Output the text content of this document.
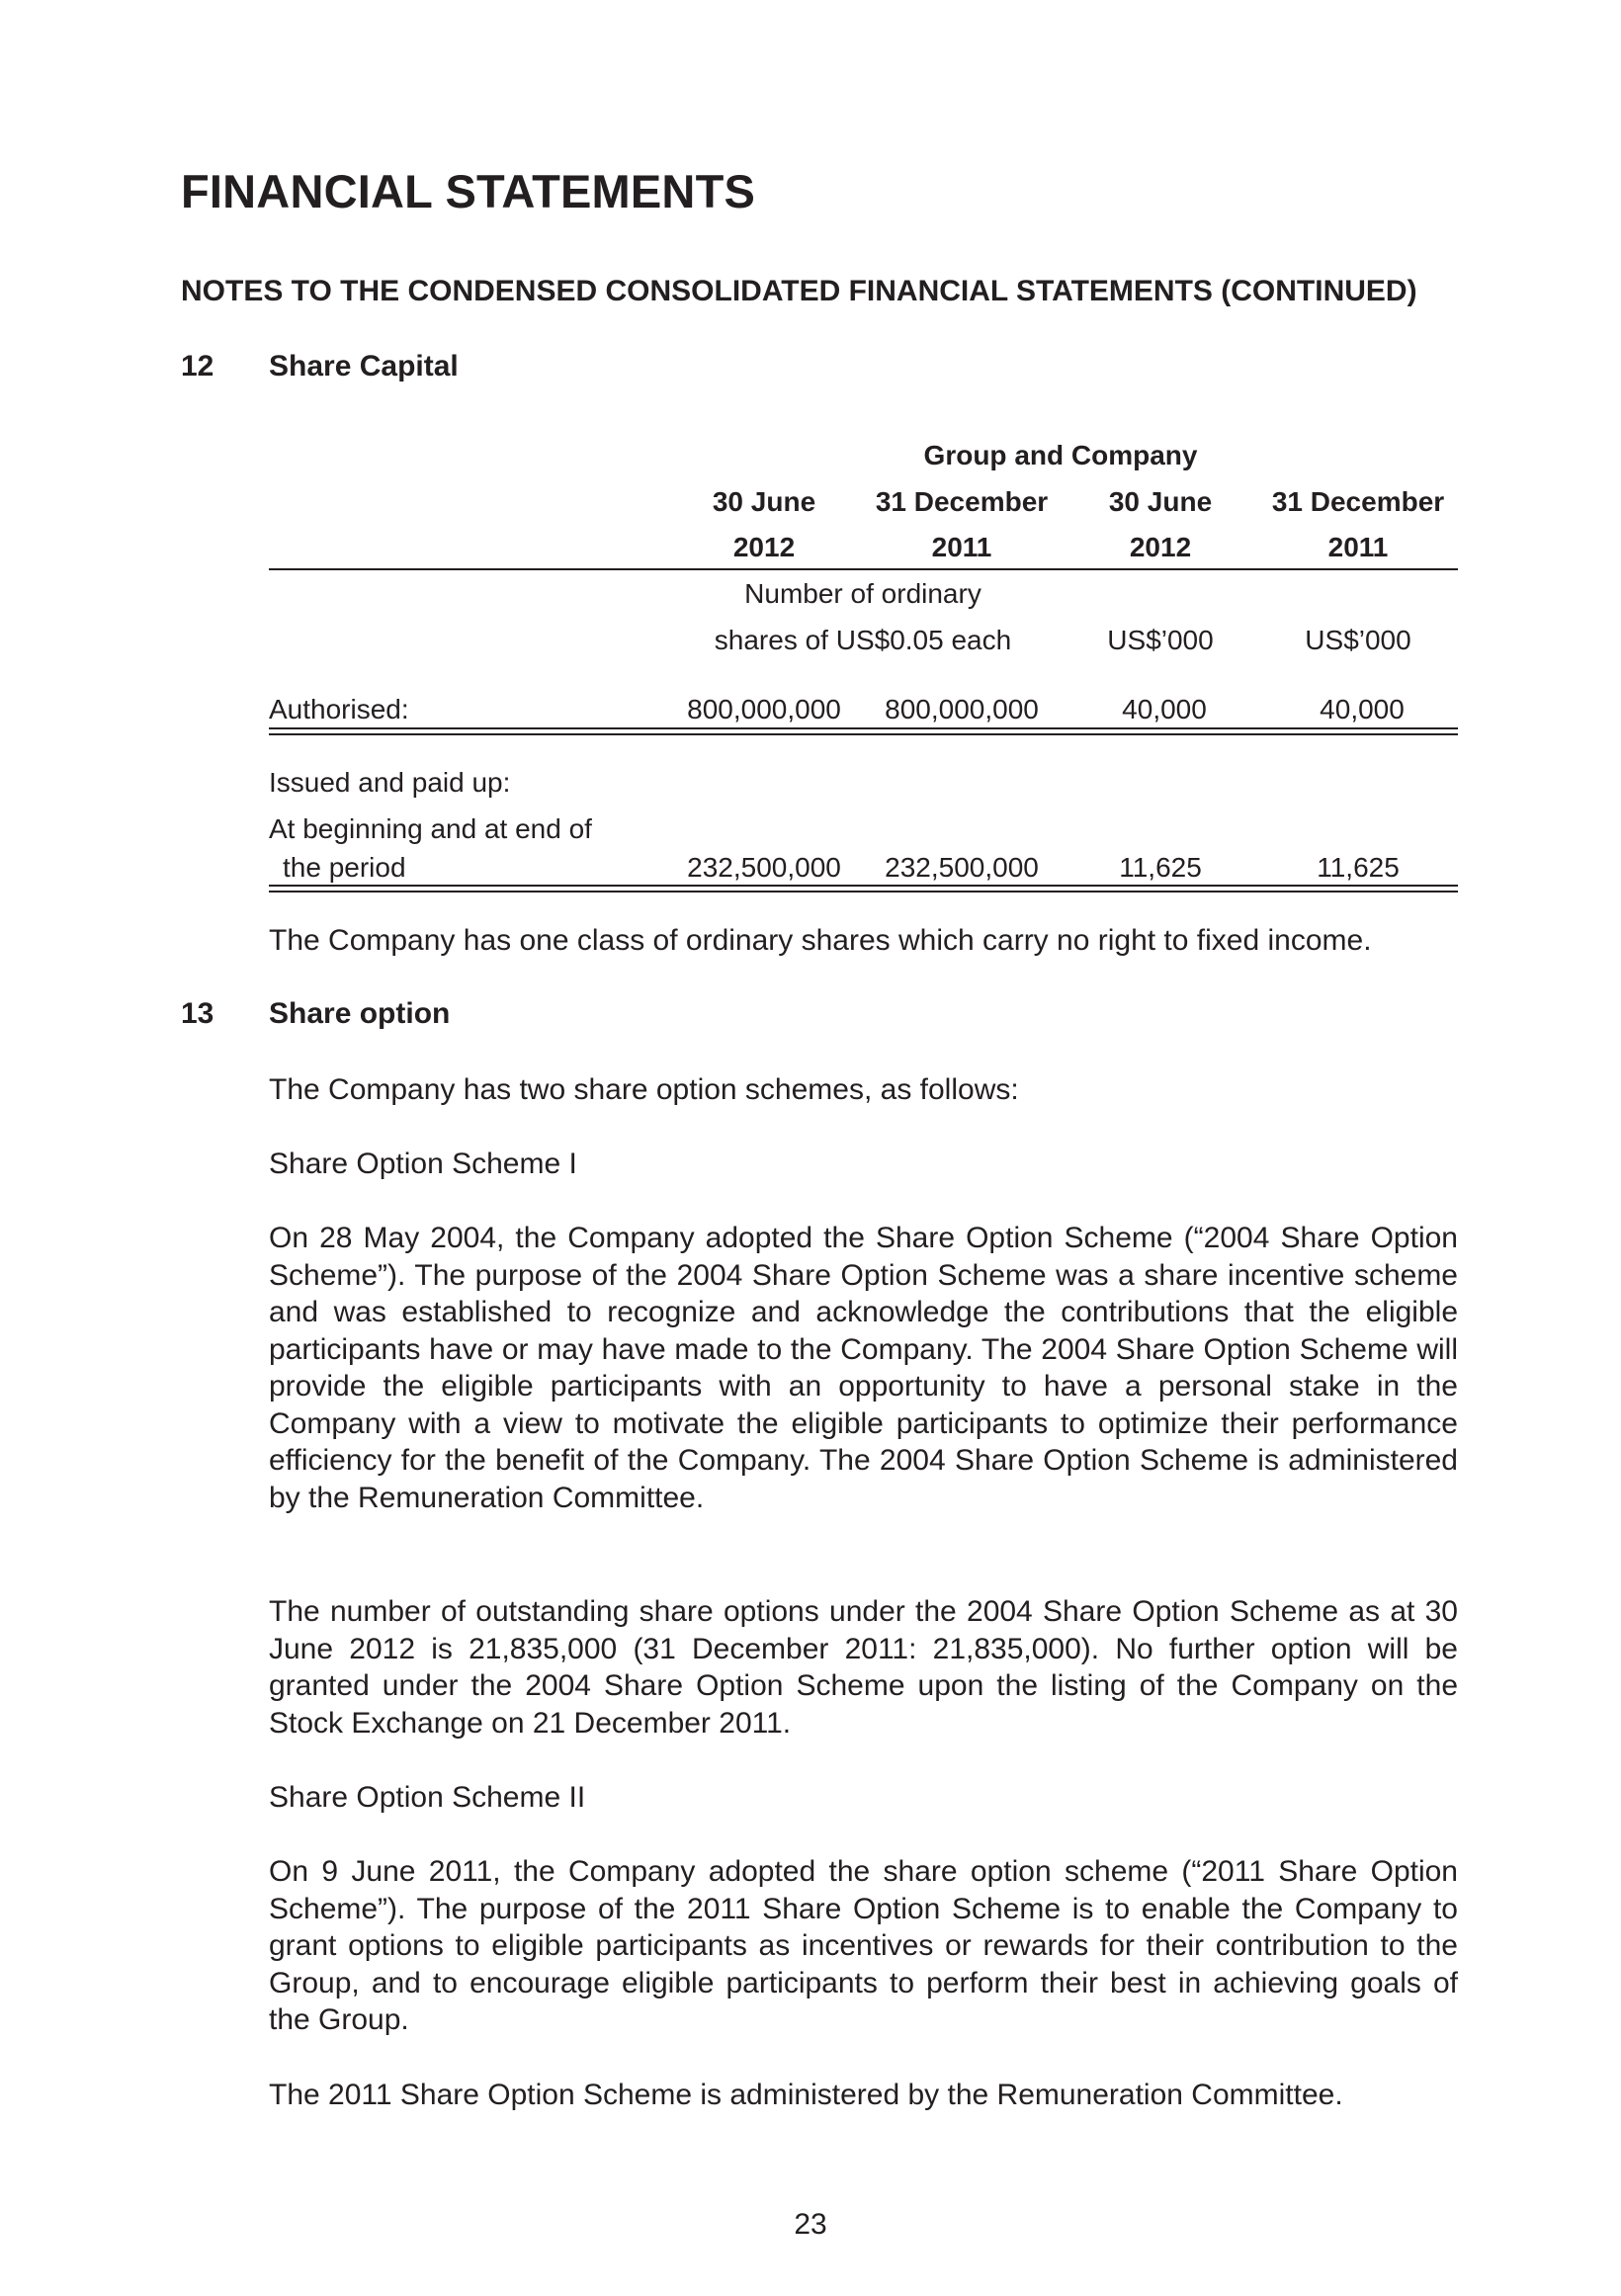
FINANCIAL STATEMENTS
NOTES TO THE CONDENSED CONSOLIDATED FINANCIAL STATEMENTS (CONTINUED)
12 Share Capital
Group and Company
30 June 31 December 30 June 31 December
2012	2011	2012	2011
Number of ordinary
shares of US$0.05 each	US$’000	US$’000
Authorised:	800,000,000 800,000,000	40,000	40,000
Issued and paid up:
At beginning and at end of
the period	232,500,000 232,500,000	11,625	11,625

The Company has one class of ordinary shares which carry no right to fixed income.

13 Share option

The Company has two share option schemes, as follows:

Share Option Scheme I

On 28 May 2004, the Company adopted the Share Option Scheme (“2004 Share Option Scheme”). The purpose of the 2004 Share Option Scheme was a share incentive scheme and was established to recognize and acknowledge the contributions that the eligible participants have or may have made to the Company. The 2004 Share Option Scheme will provide the eligible participants with an opportunity to have a personal stake in the Company with a view to motivate the eligible participants to optimize their performance efficiency for the benefit of the Company. The 2004 Share Option Scheme is administered by the Remuneration Committee.

The number of outstanding share options under the 2004 Share Option Scheme as at 30 June 2012 is 21,835,000 (31 December 2011: 21,835,000). No further option will be granted under the 2004 Share Option Scheme upon the listing of the Company on the Stock Exchange on 21 December 2011.

Share Option Scheme II

On 9 June 2011, the Company adopted the share option scheme (“2011 Share Option Scheme”). The purpose of the 2011 Share Option Scheme is to enable the Company to grant options to eligible participants as incentives or rewards for their contribution to the Group, and to encourage eligible participants to perform their best in achieving goals of the Group.

The 2011 Share Option Scheme is administered by the Remuneration Committee.

23
